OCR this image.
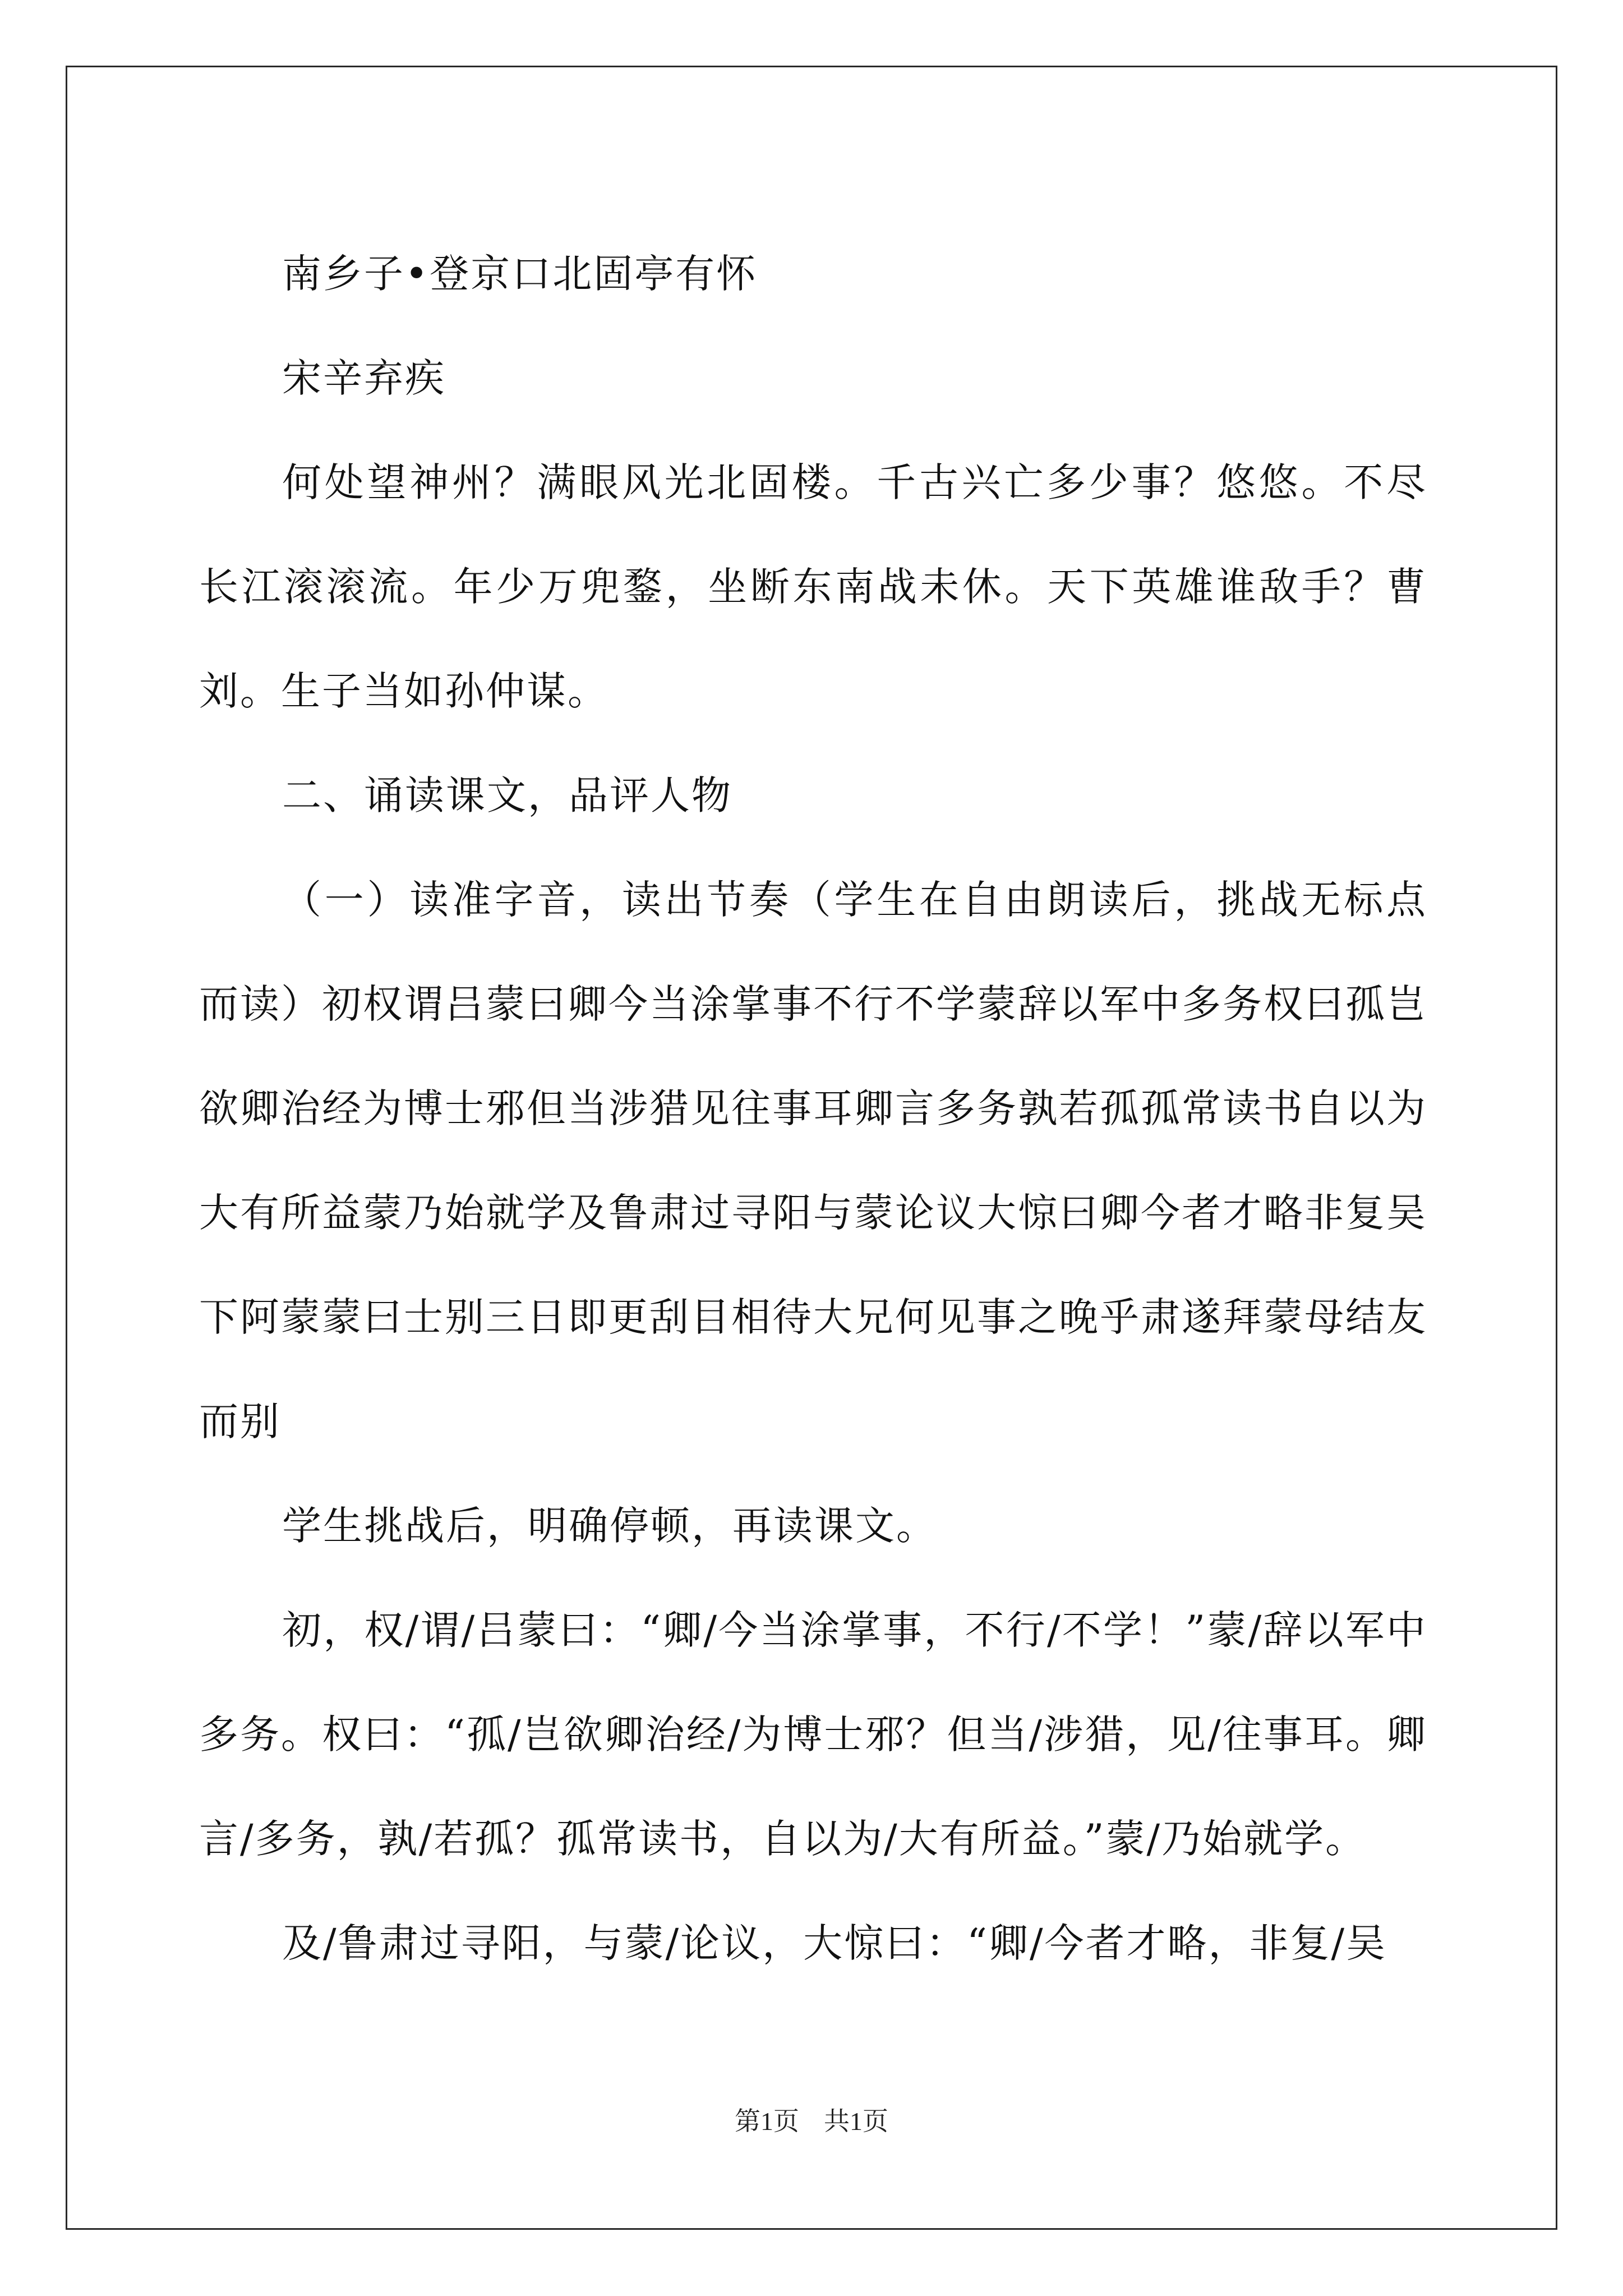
南乡子•登京口北固亭有怀

宋辛弃疾

何处望神州？满眼风光北固楼。千古兴亡多少事？悠悠。不尽长江滚滚流。年少万兜鍪，坐断东南战未休。天下英雄谁敌手？曹刘。生子当如孙仲谋。

二、诵读课文，品评人物

（一）读准字音，读出节奏（学生在自由朗读后，挑战无标点而读）初权谓吕蒙曰卿今当涂掌事不行不学蒙辞以军中多务权曰孤岂欲卿治经为博士邪但当涉猎见往事耳卿言多务孰若孤孤常读书自以为大有所益蒙乃始就学及鲁肃过寻阳与蒙论议大惊曰卿今者才略非复吴下阿蒙蒙曰士别三日即更刮目相待大兄何见事之晚乎肃遂拜蒙母结友而别

学生挑战后，明确停顿，再读课文。

初，权/谓/吕蒙曰：“卿/今当涂掌事，不行/不学！”蒙/辞以军中多务。权曰：“孤/岂欲卿治经/为博士邪？但当/涉猎，见/往事耳。卿言/多务，孰/若孤？孤常读书，自以为/大有所益。”蒙/乃始就学。

及/鲁肃过寻阳，与蒙/论议，大惊曰：“卿/今者才略，非复/吴

第1页 共1页
